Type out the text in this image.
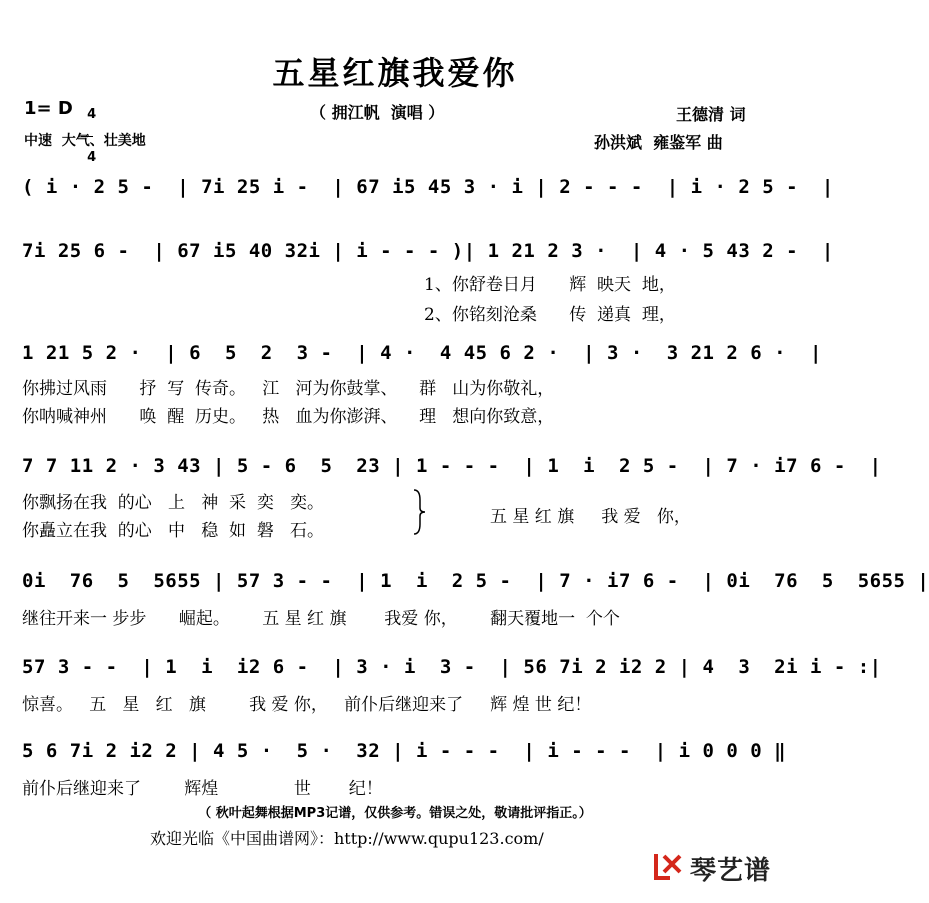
五星红旗我爱你
1= D	4

4

（ 拥江帆  演唱 ）
中速  大气、壮美地
王德清 词
孙洪斌  雍鉴军 曲
( i · 2 5 -  | 7i 25 i -  | 67 i5 45 3 · i | 2 - - -  | i · 2 5 -  |
7i 25 6 -  | 67 i5 40 32i | i - - - )| 1 21 2 3 ·  | 4 · 5 43 2 -  |
1、你舒卷日月      辉  映天  地，
2、你铭刻沧桑      传  递真  理，
1 21 5 2 ·  | 6  5  2  3 -  | 4 ·  4 45 6 2 ·  | 3 ·  3 21 2 6 ·  |
你拂过风雨      抒  写  传奇。   江   河为你鼓掌、    群   山为你敬礼，
你呐喊神州      唤  醒  历史。   热   血为你澎湃、    理   想向你致意，
7 7 11 2 · 3 43 | 5 - 6  5  23 | 1 - - -  | 1  i  2 5 -  | 7 · i7 6 -  |
你飘扬在我  的心   上   神  采  奕   奕。
你矗立在我  的心   中   稳  如  磐   石。
五 星 红 旗     我 爱   你，
0i  76  5  5655 | 57 3 - -  | 1  i  2 5 -  | 7 · i7 6 -  | 0i  76  5  5655 |
继往开来一 步步      崛起。      五 星 红 旗       我爱 你，      翻天覆地一  个个
57 3 - -  | 1  i  i2 6 -  | 3 · i  3 -  | 56 7i 2 i2 2 | 4  3  2i i - :|
惊喜。   五   星   红   旗        我 爱 你，   前仆后继迎来了     辉 煌 世 纪！
5 6 7i 2 i2 2 | 4 5 ·  5 ·  32 | i - - -  | i - - -  | i 0 0 0 ‖
前仆后继迎来了        辉煌              世       纪！
（ 秋叶起舞根据MP3记谱，仅供参考。错误之处，敬请批评指正。）
欢迎光临《中国曲谱网》：http://www.qupu123.com/

琴艺谱
